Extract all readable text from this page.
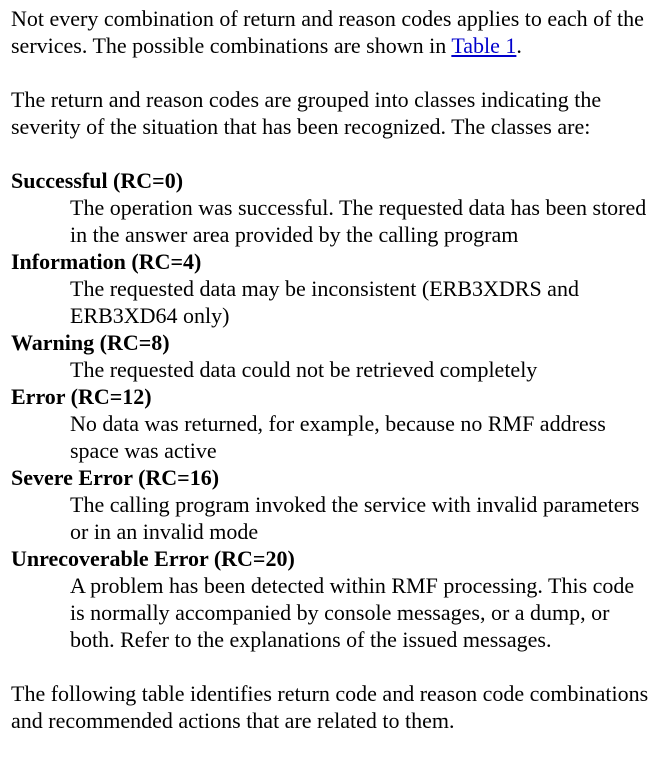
Not every combination of return and reason codes applies to each of the services. The possible combinations are shown in Table 1.

The return and reason codes are grouped into classes indicating the severity of the situation that has been recognized. The classes are:

Successful (RC=0)
The operation was successful. The requested data has been stored in the answer area provided by the calling program
Information (RC=4)
The requested data may be inconsistent (ERB3XDRS and ERB3XD64 only)
Warning (RC=8)
The requested data could not be retrieved completely
Error (RC=12)
No data was returned, for example, because no RMF address space was active
Severe Error (RC=16)
The calling program invoked the service with invalid parameters or in an invalid mode
Unrecoverable Error (RC=20)
A problem has been detected within RMF processing. This code is normally accompanied by console messages, or a dump, or both. Refer to the explanations of the issued messages.

The following table identifies return code and reason code combinations and recommended actions that are related to them.
